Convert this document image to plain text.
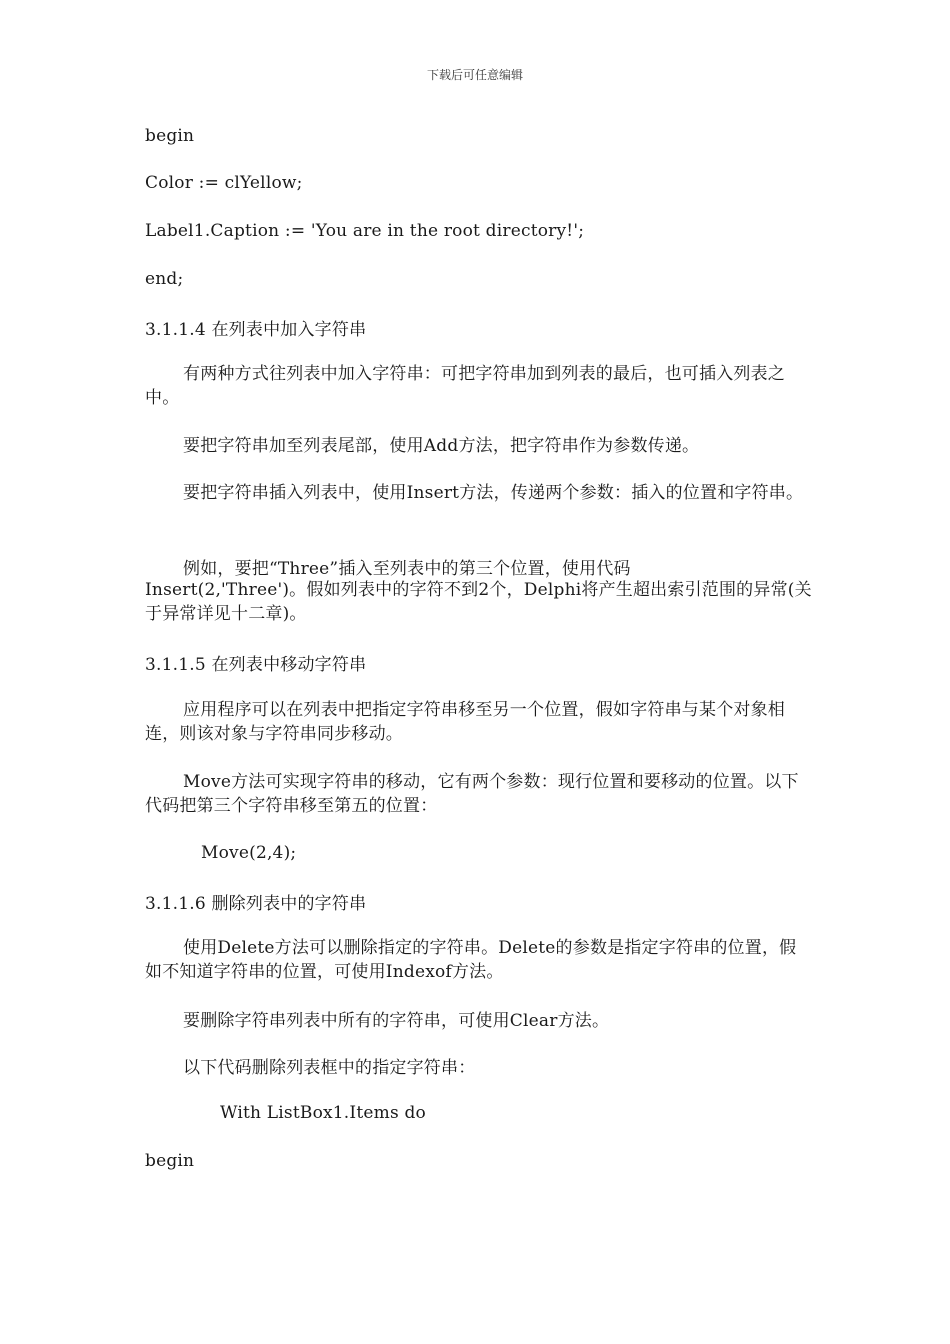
下载后可任意编辑
begin
Color := clYellow;
Label1.Caption := 'You are in the root directory!';
end;
3.1.1.4 在列表中加入字符串
有两种方式往列表中加入字符串：可把字符串加到列表的最后，也可插入列表之中。
要把字符串加至列表尾部，使用Add方法，把字符串作为参数传递。
要把字符串插入列表中，使用Insert方法，传递两个参数：插入的位置和字符串。
例如，要把“Three”插入至列表中的第三个位置，使用代码
Insert(2,'Three')。假如列表中的字符不到2个，Delphi将产生超出索引范围的异常(关于异常详见十二章)。
3.1.1.5 在列表中移动字符串
应用程序可以在列表中把指定字符串移至另一个位置，假如字符串与某个对象相连，则该对象与字符串同步移动。
Move方法可实现字符串的移动，它有两个参数：现行位置和要移动的位置。以下代码把第三个字符串移至第五的位置：
Move(2,4);
3.1.1.6 删除列表中的字符串
使用Delete方法可以删除指定的字符串。Delete的参数是指定字符串的位置，假如不知道字符串的位置，可使用Indexof方法。
要删除字符串列表中所有的字符串，可使用Clear方法。
以下代码删除列表框中的指定字符串：
With ListBox1.Items do
begin
